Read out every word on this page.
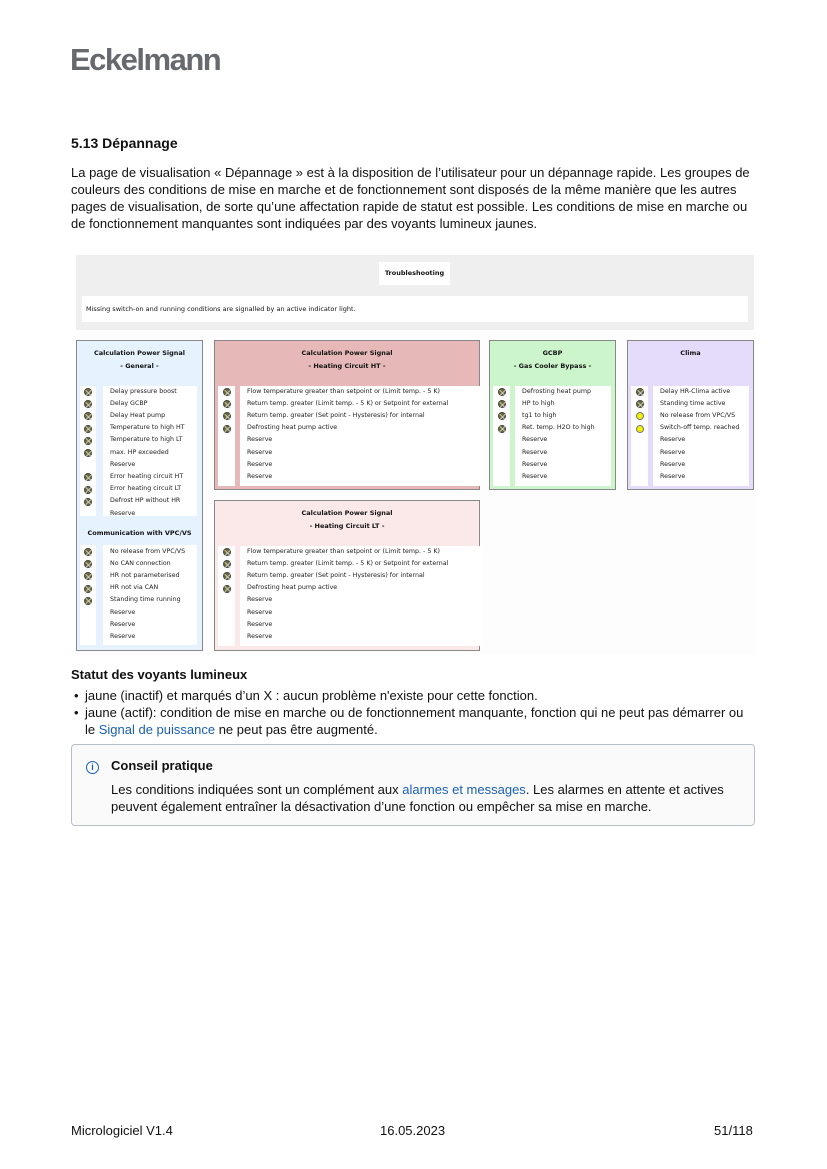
Eckelmann
5.13 Dépannage
La page de visualisation « Dépannage » est à la disposition de l’utilisateur pour un dépannage rapide. Les groupes de couleurs des conditions de mise en marche et de fonctionnement sont disposés de la même manière que les autres pages de visualisation, de sorte qu’une affectation rapide de statut est possible. Les conditions de mise en marche ou de fonctionnement manquantes sont indiquées par des voyants lumineux jaunes.
Troubleshooting
Missing switch-on and running conditions are signalled by an active indicator light.
Calculation Power Signal
- General -
Delay pressure boost
Delay GCBP
Delay Heat pump
Temperature to high HT
Temperature to high LT
max. HP exceeded
Reserve
Error heating circuit HT
Error heating circuit LT
Defrost HP without HR
Reserve
Communication with VPC/VS
No release from VPC/VS
No CAN connection
HR not parameterised
HR not via CAN
Standing time running
Reserve
Reserve
Reserve
Calculation Power Signal
- Heating Circuit HT -
Flow temperature greater than setpoint or (Limit temp. - 5 K)
Return temp. greater (Limit temp. - 5 K) or Setpoint for external
Return temp. greater (Set point - Hysteresis) for internal
Defrosting heat pump active
Reserve
Reserve
Reserve
Reserve
GCBP
- Gas Cooler Bypass -
Defrosting heat pump
HP to high
tg1 to high
Ret. temp. H2O to high
Reserve
Reserve
Reserve
Reserve
Clima
Delay HR-Clima active
Standing time active
No release from VPC/VS
Switch-off temp. reached
Reserve
Reserve
Reserve
Reserve
Calculation Power Signal
- Heating Circuit LT -
Flow temperature greater than setpoint or (Limit temp. - 5 K)
Return temp. greater (Limit temp. - 5 K) or Setpoint for external
Return temp. greater (Set point - Hysteresis) for internal
Defrosting heat pump active
Reserve
Reserve
Reserve
Reserve
Statut des voyants lumineux
• jaune (inactif) et marqués d’un X : aucun problème n'existe pour cette fonction.
• jaune (actif): condition de mise en marche ou de fonctionnement manquante, fonction qui ne peut pas démarrer ou le Signal de puissance ne peut pas être augmenté.
i	Conseil pratique
Les conditions indiquées sont un complément aux alarmes et messages. Les alarmes en attente et actives peuvent également entraîner la désactivation d’une fonction ou empêcher sa mise en marche.
Micrologiciel V1.4	16.05.2023	51/118
